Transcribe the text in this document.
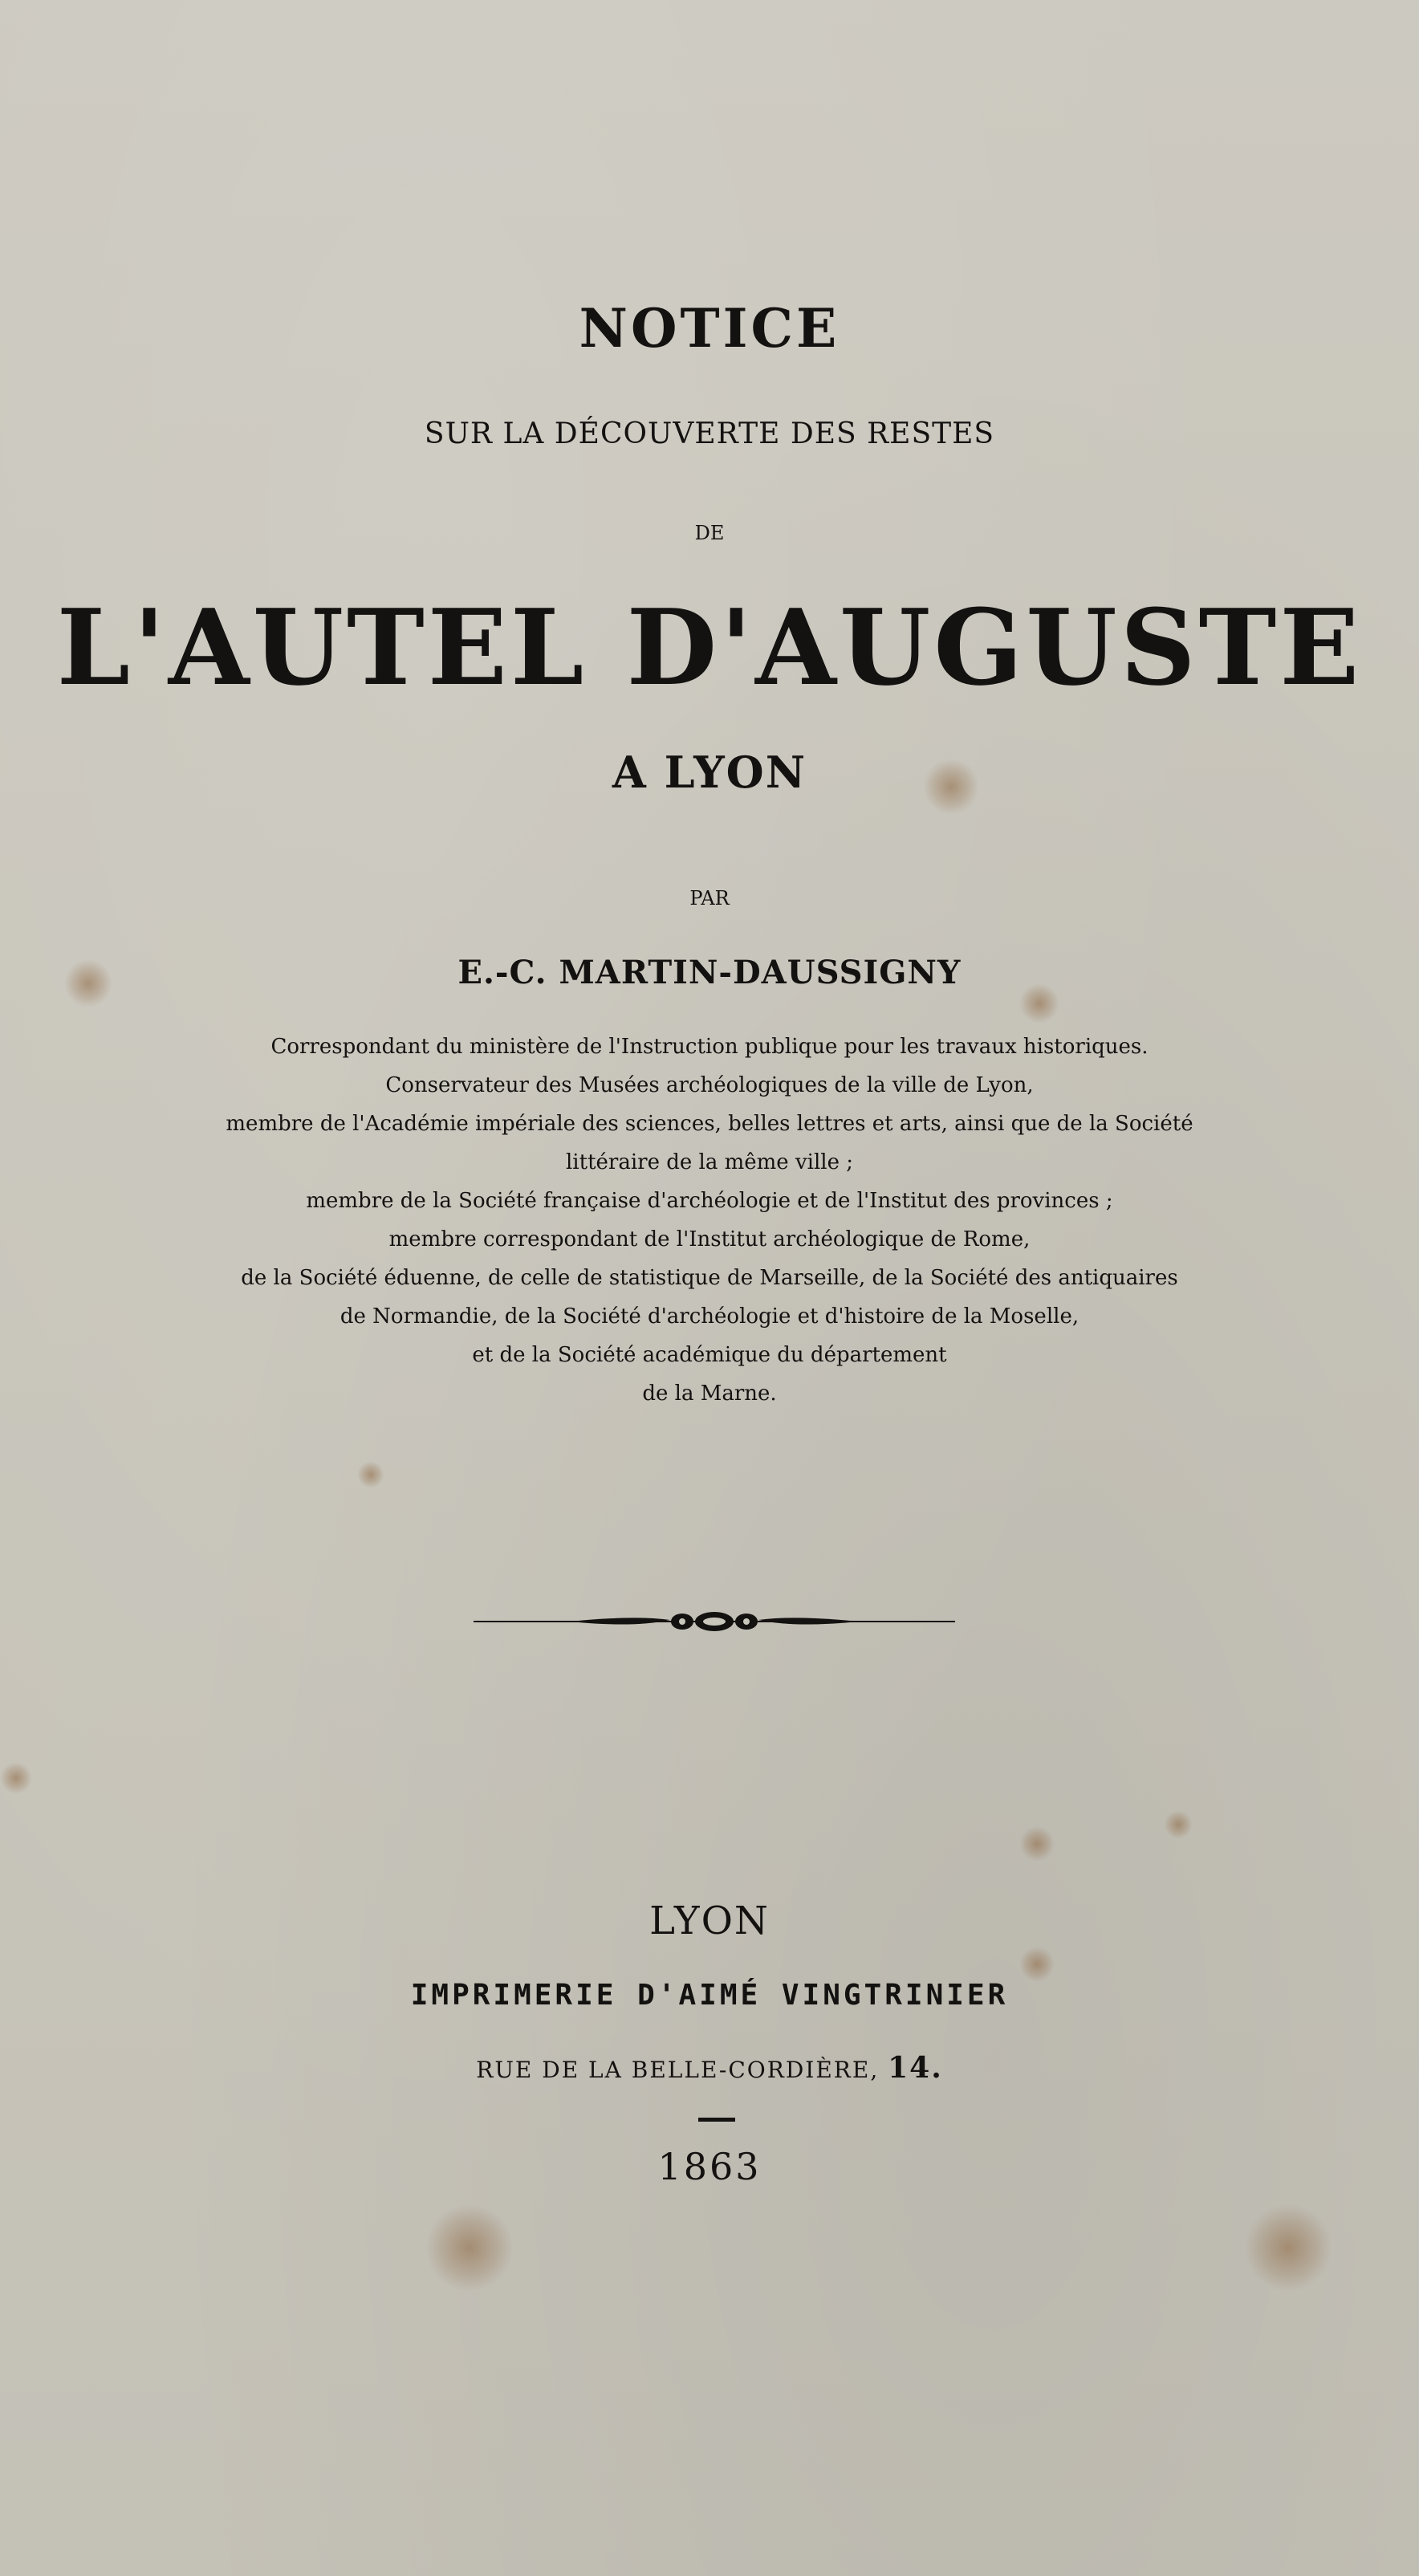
NOTICE
SUR LA DÉCOUVERTE DES RESTES
DE
L'AUTEL D'AUGUSTE
A LYON
PAR
E.-C. MARTIN-DAUSSIGNY
Correspondant du ministère de l'Instruction publique pour les travaux historiques.
Conservateur des Musées archéologiques de la ville de Lyon,
membre de l'Académie impériale des sciences, belles lettres et arts, ainsi que de la Société
littéraire de la même ville ;
membre de la Société française d'archéologie et de l'Institut des provinces ;
membre correspondant de l'Institut archéologique de Rome,
de la Société éduenne, de celle de statistique de Marseille, de la Société des antiquaires
de Normandie, de la Société d'archéologie et d'histoire de la Moselle,
et de la Société académique du département
de la Marne.
LYON
IMPRIMERIE D'AIMÉ VINGTRINIER
RUE DE LA BELLE-CORDIÈRE, 14.
1863
